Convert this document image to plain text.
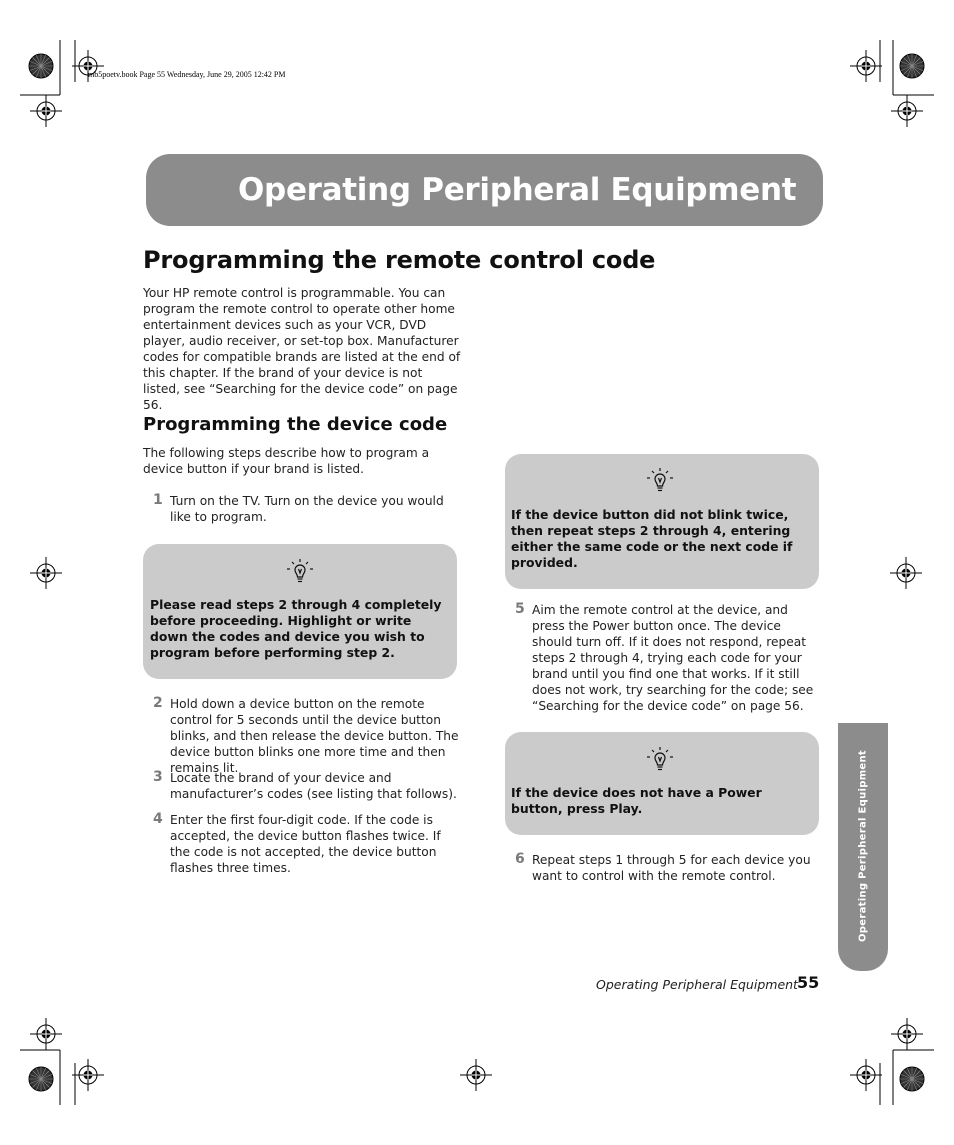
mb5poetv.book Page 55 Wednesday, June 29, 2005 12:42 PM
Operating Peripheral Equipment
Programming the remote control code
Your HP remote control is programmable. You can program the remote control to operate other home entertainment devices such as your VCR, DVD player, audio receiver, or set-top box. Manufacturer codes for compatible brands are listed at the end of this chapter. If the brand of your device is not listed, see “Searching for the device code” on page 56.
Programming the device code
The following steps describe how to program a device button if your brand is listed.
1 Turn on the TV. Turn on the device you would like to program.
Please read steps 2 through 4 completely before proceeding. Highlight or write down the codes and device you wish to program before performing step 2.
2 Hold down a device button on the remote control for 5 seconds until the device button blinks, and then release the device button. The device button blinks one more time and then remains lit.
3 Locate the brand of your device and manufacturer’s codes (see listing that follows).
4 Enter the first four-digit code. If the code is accepted, the device button flashes twice. If the code is not accepted, the device button flashes three times.
If the device button did not blink twice, then repeat steps 2 through 4, entering either the same code or the next code if provided.
5 Aim the remote control at the device, and press the Power button once. The device should turn off. If it does not respond, repeat steps 2 through 4, trying each code for your brand until you find one that works. If it still does not work, try searching for the code; see “Searching for the device code” on page 56.
If the device does not have a Power button, press Play.
6 Repeat steps 1 through 5 for each device you want to control with the remote control.	Operating Peripheral Equipment
Operating Peripheral Equipment 55
